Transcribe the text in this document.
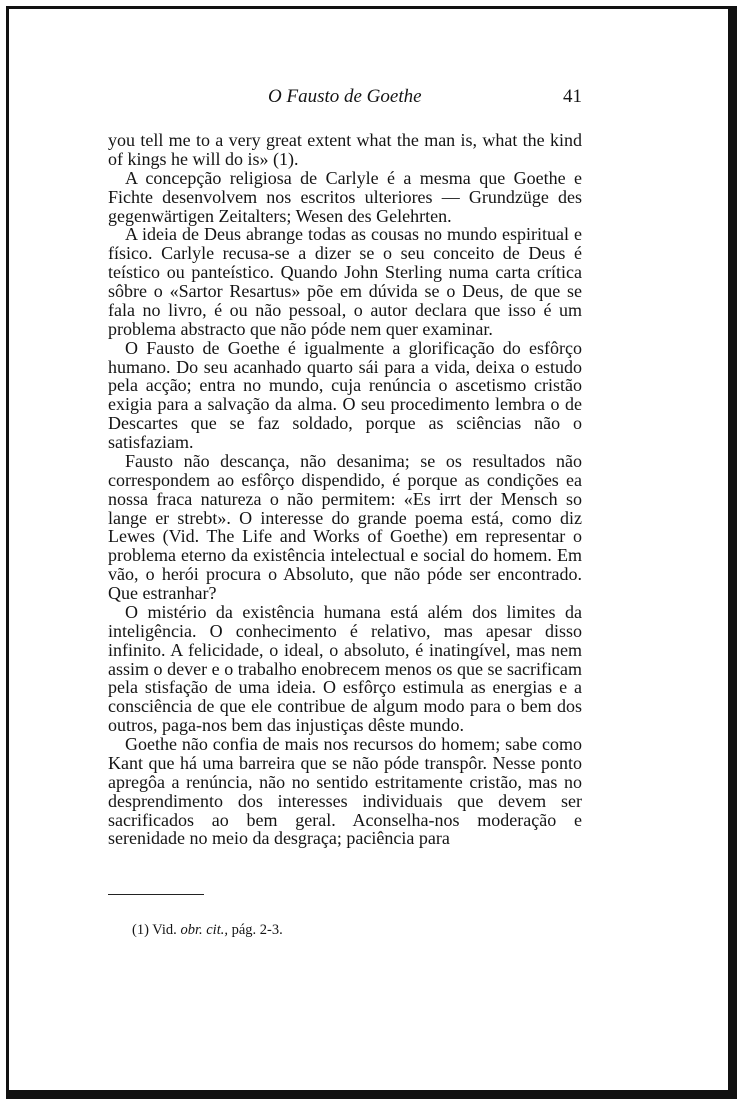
O Fausto de Goethe	41

you tell me to a very great extent what the man is, what the kind of kings he will do is» (1).

A concepção religiosa de Carlyle é a mesma que Goethe e Fichte desenvolvem nos escritos ulteriores — Grundzüge des gegenwärtigen Zeitalters; Wesen des Gelehrten.

A ideia de Deus abrange todas as cousas no mundo espiritual e físico. Carlyle recusa-se a dizer se o seu conceito de Deus é teístico ou panteístico. Quando John Sterling numa carta crítica sôbre o «Sartor Resartus» põe em dúvida se o Deus, de que se fala no livro, é ou não pessoal, o autor declara que isso é um problema abstracto que não póde nem quer examinar.

O Fausto de Goethe é igualmente a glorificação do esfôrço humano. Do seu acanhado quarto sái para a vida, deixa o estudo pela acção; entra no mundo, cuja renúncia o ascetismo cristão exigia para a salvação da alma. O seu procedimento lembra o de Descartes que se faz soldado, porque as sciências não o satisfaziam.

Fausto não descança, não desanima; se os resultados não correspondem ao esfôrço dispendido, é porque as condições ea nossa fraca natureza o não permitem: «Es irrt der Mensch so lange er strebt». O interesse do grande poema está, como diz Lewes (Vid. The Life and Works of Goethe) em representar o problema eterno da existência intelectual e social do homem. Em vão, o herói procura o Absoluto, que não póde ser encontrado. Que estranhar?

O mistério da existência humana está além dos limites da inteligência. O conhecimento é relativo, mas apesar disso infinito. A felicidade, o ideal, o absoluto, é inatingível, mas nem assim o dever e o trabalho enobrecem menos os que se sacrificam pela stisfação de uma ideia. O esfôrço estimula as energias e a consciência de que ele contribue de algum modo para o bem dos outros, paga-nos bem das injustiças dêste mundo.

Goethe não confia de mais nos recursos do homem; sabe como Kant que há uma barreira que se não póde transpôr. Nesse ponto apregôa a renúncia, não no sentido estritamente cristão, mas no desprendimento dos interesses individuais que devem ser sacrificados ao bem geral. Aconselha-nos moderação e serenidade no meio da desgraça; paciência para

(1) Vid. obr. cit., pág. 2-3.
